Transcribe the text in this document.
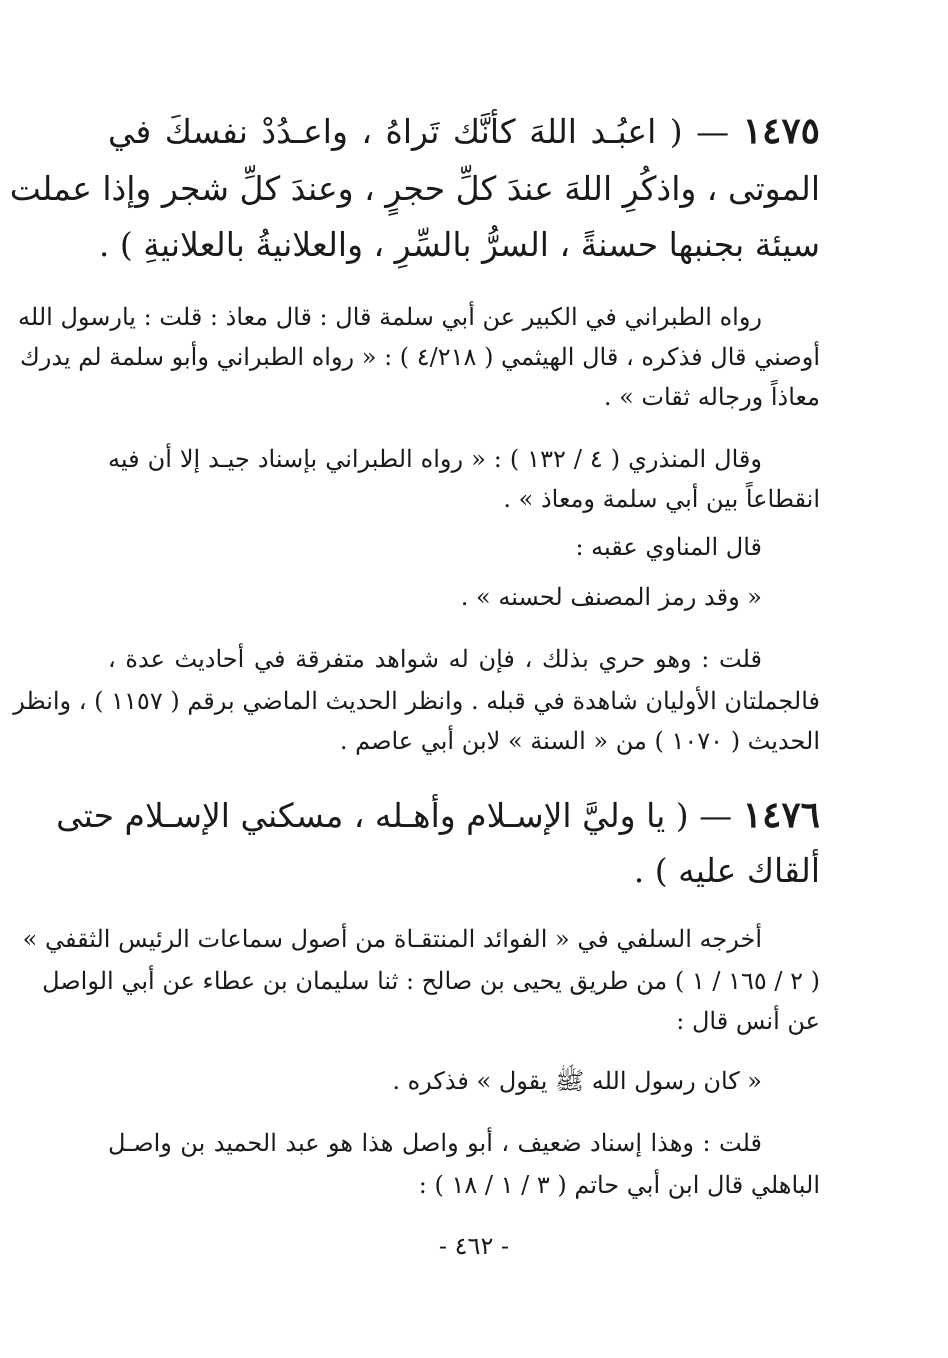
١٤٧٥ — ( اعبُـد اللهَ كأنَّك تَراهُ ، واعـدُدْ نفسكَ في
الموتى ، واذكُرِ اللهَ عندَ كلِّ حجرٍ ، وعندَ كلِّ شجر وإذا عملت
سيئة بجنبها حسنةً ، السرُّ بالسِّرِ ، والعلانيةُ بالعلانيةِ ) .
رواه الطبراني في الكبير عن أبي سلمة قال : قال معاذ : قلت : يارسول الله
أوصني قال فذكره ، قال الهيثمي ( ٤/٢١٨ ) : « رواه الطبراني وأبو سلمة لم يدرك
معاذاً ورجاله ثقات » .
وقال المنذري ( ٤ / ١٣٢ ) : « رواه الطبراني بإسناد جيـد إلا أن فيه
انقطاعاً بين أبي سلمة ومعاذ » .
قال المناوي عقبه :
« وقد رمز المصنف لحسنه » .
قلت : وهو حري بذلك ، فإن له شواهد متفرقة في أحاديث عدة ،
فالجملتان الأوليان شاهدة في قبله . وانظر الحديث الماضي برقم ( ١١٥٧ ) ، وانظر
الحديث ( ١٠٧٠ ) من « السنة » لابن أبي عاصم .
١٤٧٦ — ( يا وليَّ الإسـلام وأهـله ، مسكني الإسـلام حتى
ألقاك عليه ) .
أخرجه السلفي في « الفوائد المنتقـاة من أصول سماعات الرئيس الثقفي »
( ٢ / ١٦٥ / ١ ) من طريق يحيى بن صالح : ثنا سليمان بن عطاء عن أبي الواصل
عن أنس قال :
« كان رسول الله ﷺ يقول » فذكره .
قلت : وهذا إسناد ضعيف ، أبو واصل هذا هو عبد الحميد بن واصـل
الباهلي قال ابن أبي حاتم ( ٣ / ١ / ١٨ ) :
- ٤٦٢ -
